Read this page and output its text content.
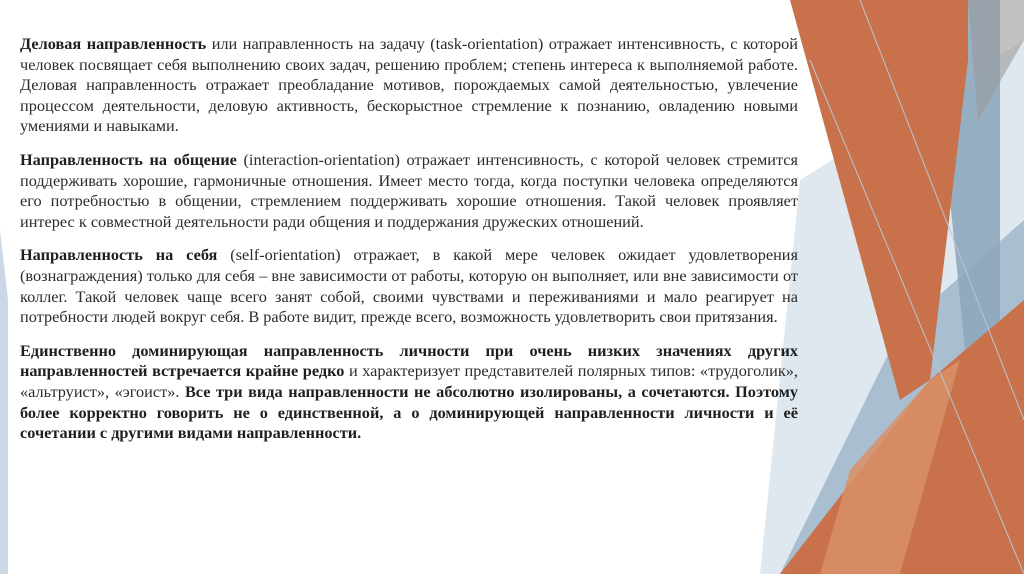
Деловая направленность или направленность на задачу (task-orientation) отражает интенсивность, с которой человек посвящает себя выполнению своих задач, решению проблем; степень интереса к выполняемой работе. Деловая направленность отражает преобладание мотивов, порождаемых самой деятельностью, увлечение процессом деятельности, деловую активность, бескорыстное стремление к познанию, овладению новыми умениями и навыками.

Направленность на общение (interaction-orientation) отражает интенсивность, с которой человек стремится поддерживать хорошие, гармоничные отношения. Имеет место тогда, когда поступки человека определяются его потребностью в общении, стремлением поддерживать хорошие отношения. Такой человек проявляет интерес к совместной деятельности ради общения и поддержания дружеских отношений.

Направленность на себя (self-orientation) отражает, в какой мере человек ожидает удовлетворения (вознаграждения) только для себя – вне зависимости от работы, которую он выполняет, или вне зависимости от коллег. Такой человек чаще всего занят собой, своими чувствами и переживаниями и мало реагирует на потребности людей вокруг себя. В работе видит, прежде всего, возможность удовлетворить свои притязания.

Единственно доминирующая направленность личности при очень низких значениях других направленностей встречается крайне редко и характеризует представителей полярных типов: «трудоголик», «альтруист», «эгоист». Все три вида направленности не абсолютно изолированы, а сочетаются. Поэтому более корректно говорить не о единственной, а о доминирующей направленности личности и её сочетании с другими видами направленности.
